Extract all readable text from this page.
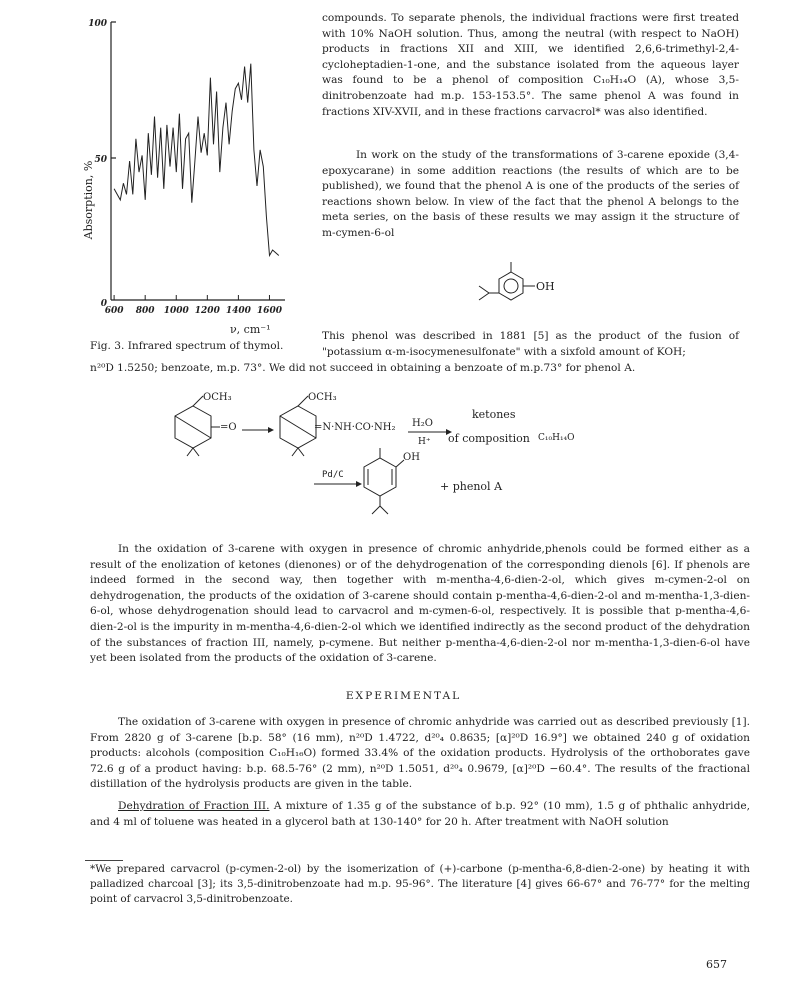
100
50
0
Absorption, %
600 800 1000 1200 1400 1600
ν, cm⁻¹
Fig. 3. Infrared spectrum of thymol.

compounds. To separate phenols, the individual fractions were first treated with 10% NaOH solution. Thus, among the neutral (with respect to NaOH) products in fractions XII and XIII, we identified 2,6,6-trimethyl-2,4-cycloheptadien-1-one, and the substance isolated from the aqueous layer was found to be a phenol of composition C₁₀H₁₄O (A), whose 3,5-dinitrobenzoate had m.p. 153-153.5°. The same phenol A was found in fractions XIV-XVII, and in these fractions carvacrol* was also identified.

In work on the study of the transformations of 3-carene epoxide (3,4-epoxycarane) in some addition reactions (the results of which are to be published), we found that the phenol A is one of the products of the series of reactions shown below. In view of the fact that the phenol A belongs to the meta series, on the basis of these results we may assign it the structure of m-cymen-6-ol

OH

This phenol was described in 1881 [5] as the product of the fusion of "potassium α-m-isocymenesulfonate" with a sixfold amount of KOH;

n²⁰D 1.5250; benzoate, m.p. 73°. We did not succeed in obtaining a benzoate of m.p.73° for phenol A.

OCH₃
=O
OCH₃
=N·NH·CO·NH₂ H₂O
H⁺
ketones
of composition C₁₀H₁₄O
Pd/C
OH
+ phenol A

In the oxidation of 3-carene with oxygen in presence of chromic anhydride,phenols could be formed either as a result of the enolization of ketones (dienones) or of the dehydrogenation of the corresponding dienols [6]. If phenols are indeed formed in the second way, then together with m-mentha-4,6-dien-2-ol, which gives m-cymen-2-ol on dehydrogenation, the products of the oxidation of 3-carene should contain p-mentha-4,6-dien-2-ol and m-mentha-1,3-dien-6-ol, whose dehydrogenation should lead to carvacrol and m-cymen-6-ol, respectively. It is possible that p-mentha-4,6-dien-2-ol is the impurity in m-mentha-4,6-dien-2-ol which we identified indirectly as the second product of the dehydration of the substances of fraction III, namely, p-cymene. But neither p-mentha-4,6-dien-2-ol nor m-mentha-1,3-dien-6-ol have yet been isolated from the products of the oxidation of 3-carene.

EXPERIMENTAL

The oxidation of 3-carene with oxygen in presence of chromic anhydride was carried out as described previously [1]. From 2820 g of 3-carene [b.p. 58° (16 mm), n²⁰D 1.4722, d²⁰₄ 0.8635; [α]²⁰D 16.9°] we obtained 240 g of oxidation products: alcohols (composition C₁₀H₁₆O) formed 33.4% of the oxidation products. Hydrolysis of the orthoborates gave 72.6 g of a product having: b.p. 68.5-76° (2 mm), n²⁰D 1.5051, d²⁰₄ 0.9679, [α]²⁰D −60.4°. The results of the fractional distillation of the hydrolysis products are given in the table.

Dehydration of Fraction III. A mixture of 1.35 g of the substance of b.p. 92° (10 mm), 1.5 g of phthalic anhydride, and 4 ml of toluene was heated in a glycerol bath at 130-140° for 20 h. After treatment with NaOH solution

*We prepared carvacrol (p-cymen-2-ol) by the isomerization of (+)-carbone (p-mentha-6,8-dien-2-one) by heating it with palladized charcoal [3]; its 3,5-dinitrobenzoate had m.p. 95-96°. The literature [4] gives 66-67° and 76-77° for the melting point of carvacrol 3,5-dinitrobenzoate.

657
